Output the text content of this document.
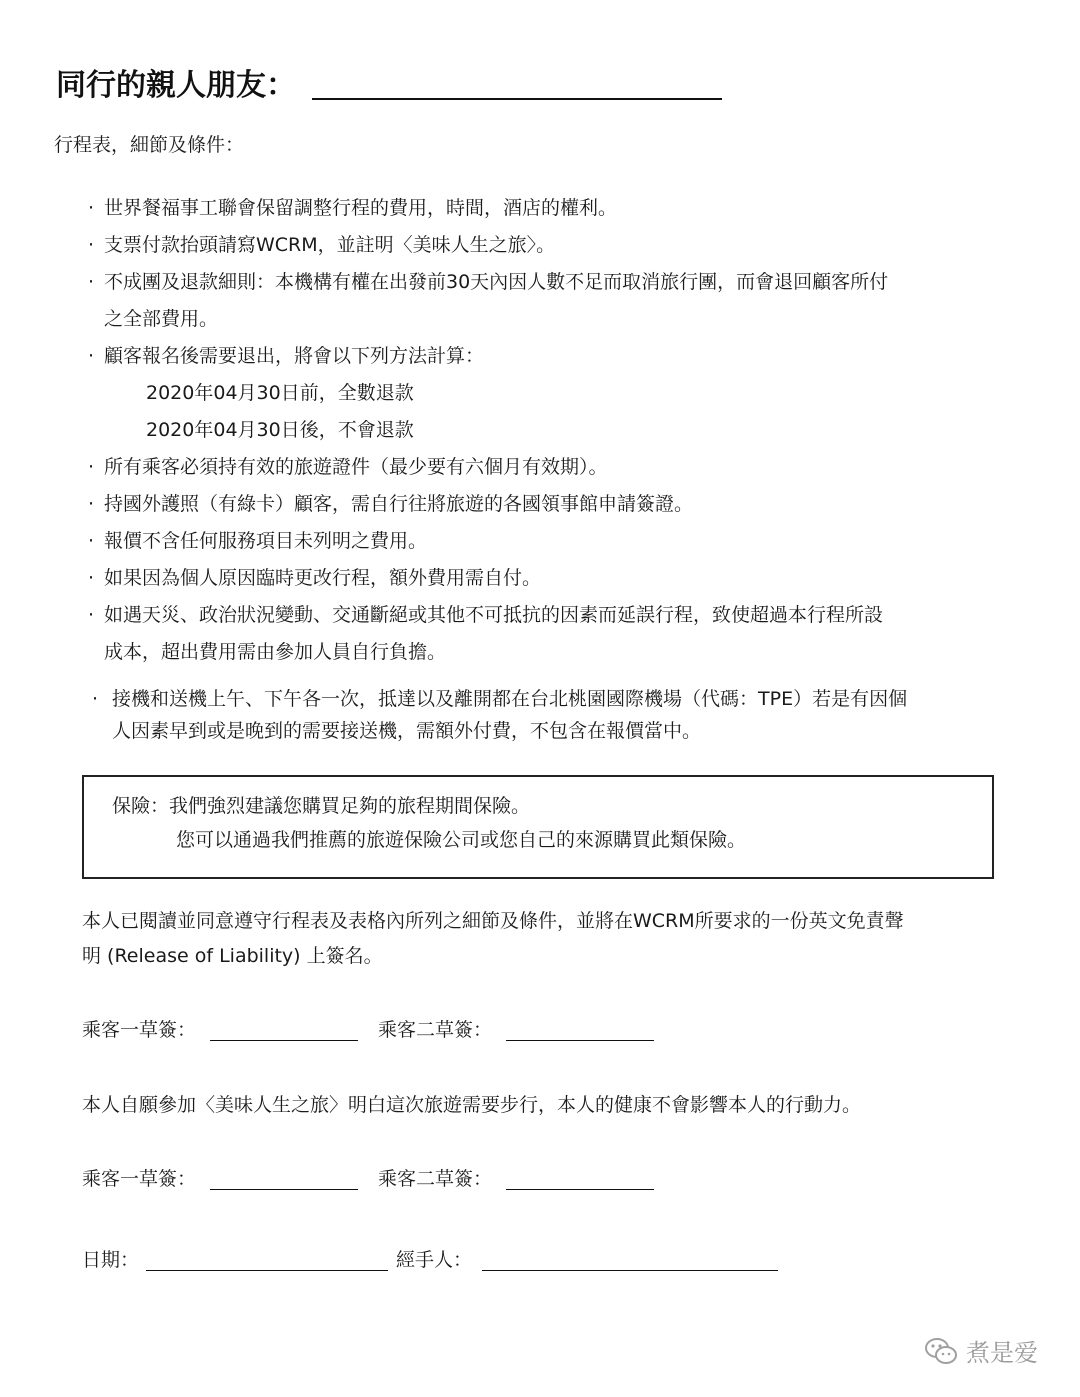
同行的親人朋友：
行程表，細節及條件：
· 世界餐福事工聯會保留調整行程的費用，時間，酒店的權利。
· 支票付款抬頭請寫WCRM，並註明〈美味人生之旅〉。
· 不成團及退款細則：本機構有權在出發前30天內因人數不足而取消旅行團，而會退回顧客所付
之全部費用。
· 顧客報名後需要退出，將會以下列方法計算：
2020年04月30日前，全數退款
2020年04月30日後，不會退款
· 所有乘客必須持有效的旅遊證件（最少要有六個月有效期）。
· 持國外護照（有綠卡）顧客，需自行往將旅遊的各國領事館申請簽證。
· 報價不含任何服務項目未列明之費用。
· 如果因為個人原因臨時更改行程，額外費用需自付。
· 如遇天災、政治狀況變動、交通斷絕或其他不可抵抗的因素而延誤行程，致使超過本行程所設
成本，超出費用需由參加人員自行負擔。
· 接機和送機上午、下午各一次，抵達以及離開都在台北桃園國際機場（代碼：TPE）若是有因個
人因素早到或是晚到的需要接送機，需額外付費，不包含在報價當中。
保險：我們強烈建議您購買足夠的旅程期間保險。
您可以通過我們推薦的旅遊保險公司或您自己的來源購買此類保險。
本人已閱讀並同意遵守行程表及表格內所列之細節及條件，並將在WCRM所要求的一份英文免責聲
明 (Release of Liability) 上簽名。
乘客一草簽：	乘客二草簽：
本人自願參加〈美味人生之旅〉明白這次旅遊需要步行，本人的健康不會影響本人的行動力。
乘客一草簽：	乘客二草簽：
日期：	經手人：
煮是爱
